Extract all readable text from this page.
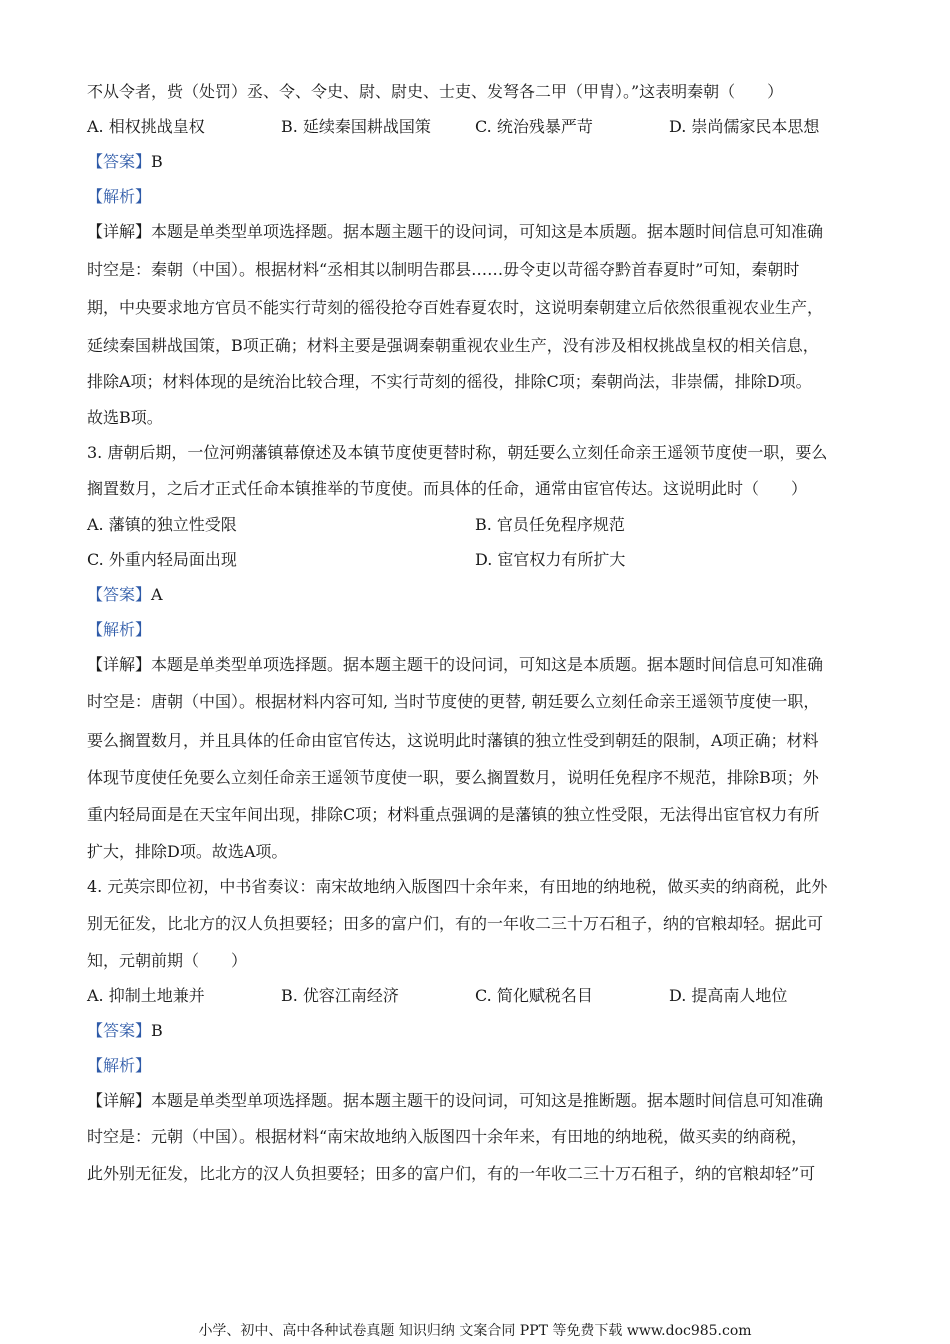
不从令者，赀（处罚）丞、令、令史、尉、尉史、士吏、发弩各二甲（甲胄）。”这表明秦朝（　　）
A. 相权挑战皇权	B. 延续秦国耕战国策	C. 统治残暴严苛	D. 崇尚儒家民本思想
【答案】B
【解析】
【详解】本题是单类型单项选择题。据本题主题干的设问词，可知这是本质题。据本题时间信息可知准确
时空是：秦朝（中国）。根据材料“丞相其以制明告郡县……毋令吏以苛徭夺黔首春夏时”可知，秦朝时
期，中央要求地方官员不能实行苛刻的徭役抢夺百姓春夏农时，这说明秦朝建立后依然很重视农业生产，
延续秦国耕战国策，B项正确；材料主要是强调秦朝重视农业生产，没有涉及相权挑战皇权的相关信息，
排除A项；材料体现的是统治比较合理，不实行苛刻的徭役，排除C项；秦朝尚法，非崇儒，排除D项。
故选B项。
3. 唐朝后期，一位河朔藩镇幕僚述及本镇节度使更替时称，朝廷要么立刻任命亲王遥领节度使一职，要么
搁置数月，之后才正式任命本镇推举的节度使。而具体的任命，通常由宦官传达。这说明此时（　　）
A. 藩镇的独立性受限	B. 官员任免程序规范
C. 外重内轻局面出现	D. 宦官权力有所扩大
【答案】A
【解析】
【详解】本题是单类型单项选择题。据本题主题干的设问词，可知这是本质题。据本题时间信息可知准确
时空是：唐朝（中国）。根据材料内容可知, 当时节度使的更替, 朝廷要么立刻任命亲王遥领节度使一职，
要么搁置数月，并且具体的任命由宦官传达，这说明此时藩镇的独立性受到朝廷的限制，A项正确；材料
体现节度使任免要么立刻任命亲王遥领节度使一职，要么搁置数月，说明任免程序不规范，排除B项；外
重内轻局面是在天宝年间出现，排除C项；材料重点强调的是藩镇的独立性受限，无法得出宦官权力有所
扩大，排除D项。故选A项。
4. 元英宗即位初，中书省奏议：南宋故地纳入版图四十余年来，有田地的纳地税，做买卖的纳商税，此外
别无征发，比北方的汉人负担要轻；田多的富户们，有的一年收二三十万石租子，纳的官粮却轻。据此可
知，元朝前期（　　）
A. 抑制土地兼并	B. 优容江南经济	C. 简化赋税名目	D. 提高南人地位
【答案】B
【解析】
【详解】本题是单类型单项选择题。据本题主题干的设问词，可知这是推断题。据本题时间信息可知准确
时空是：元朝（中国）。根据材料“南宋故地纳入版图四十余年来，有田地的纳地税，做买卖的纳商税，
此外别无征发，比北方的汉人负担要轻；田多的富户们，有的一年收二三十万石租子，纳的官粮却轻”可
小学、初中、高中各种试卷真题 知识归纳 文案合同 PPT 等免费下载 www.doc985.com
